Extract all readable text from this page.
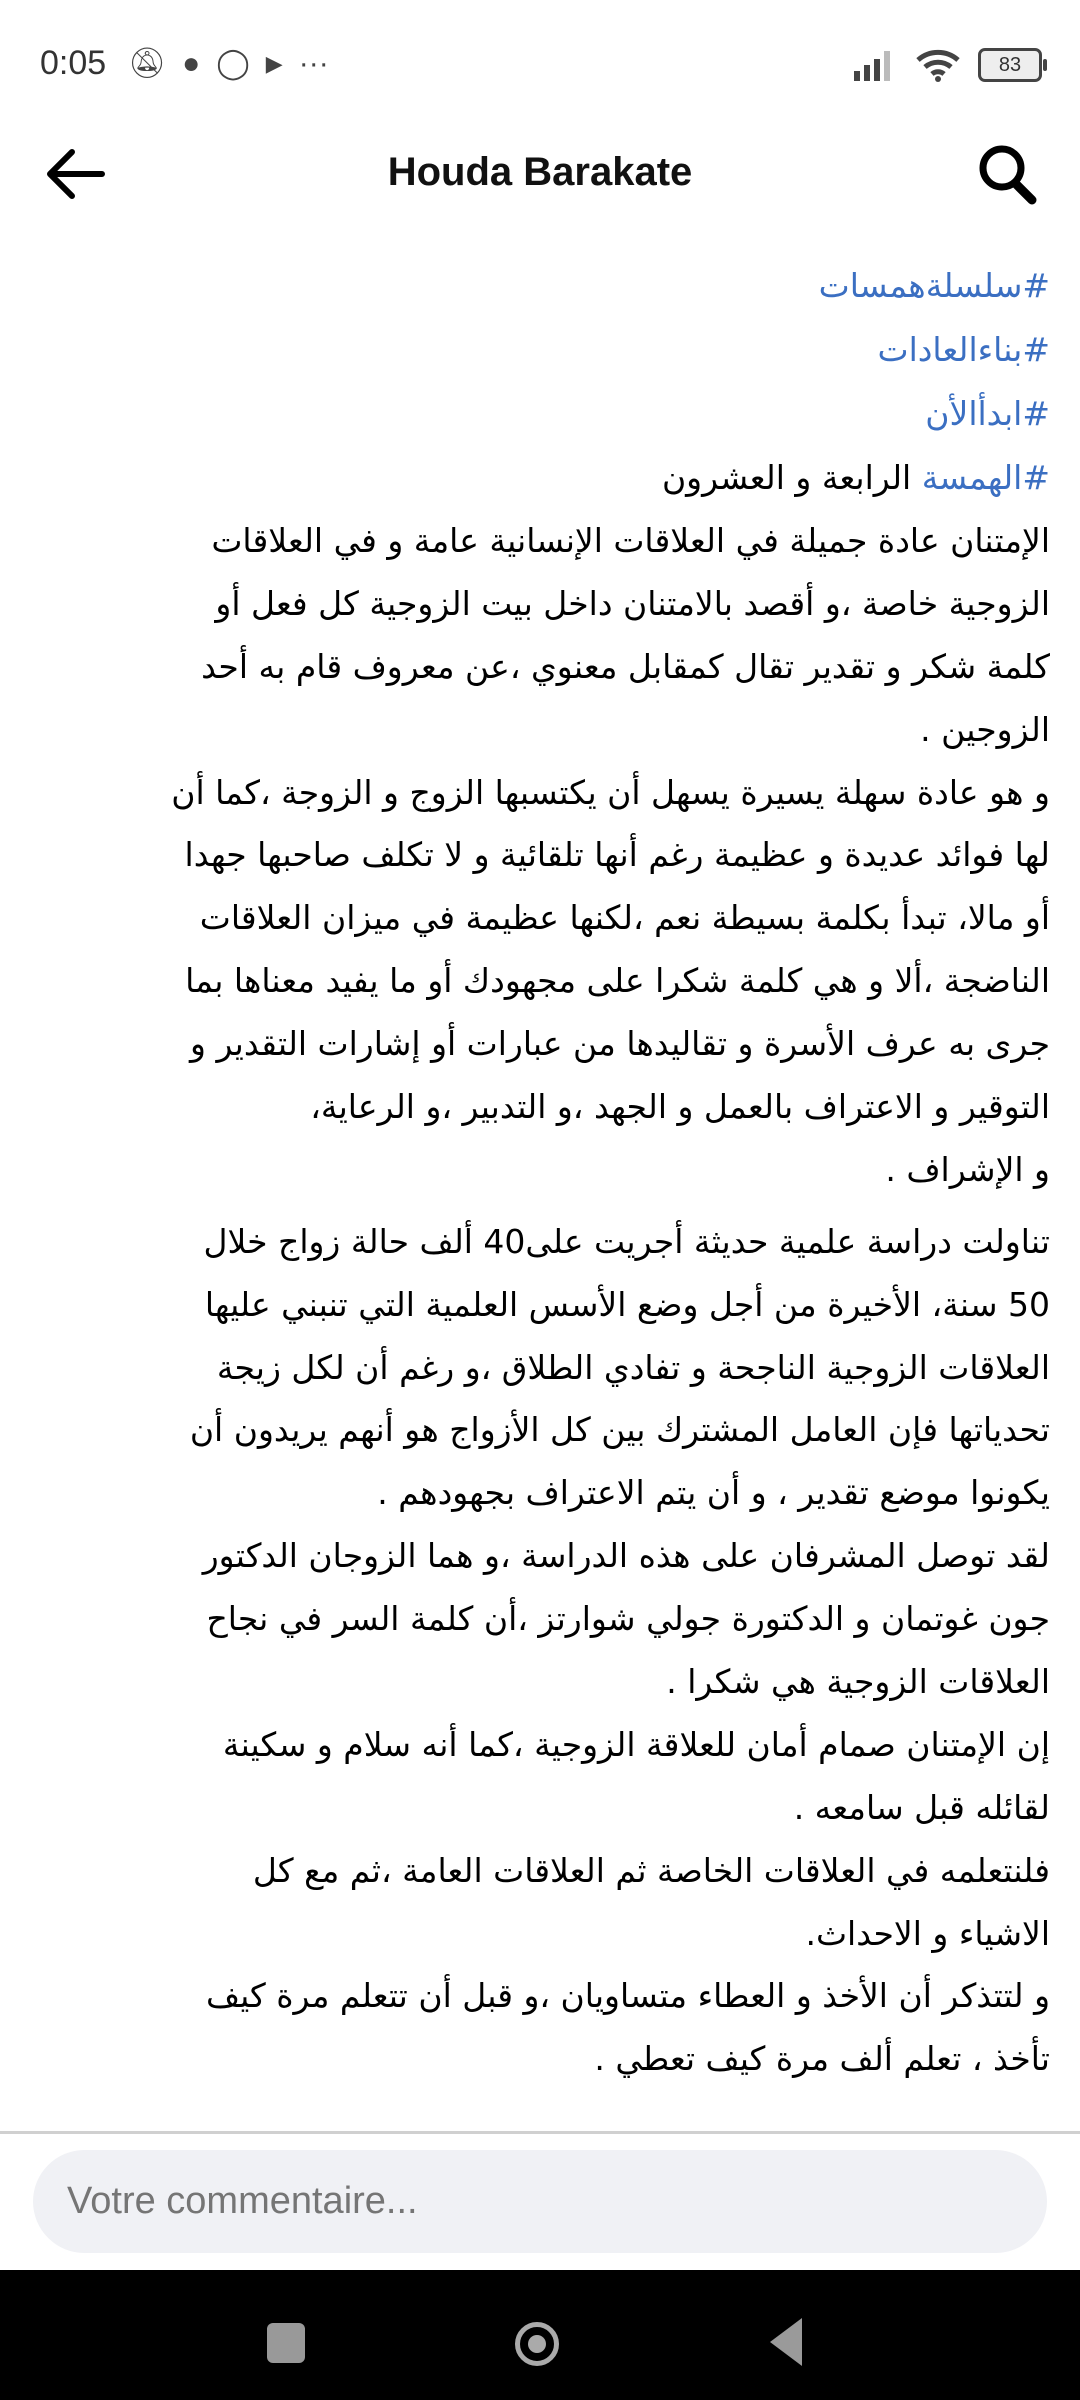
0:05 🔕︎ ● ◯ ▶ ···	83
Houda Barakate
#سلسلةهمسات
#بناءالعادات
#ابدأالأن
#الهمسة الرابعة و العشرون
الإمتنان عادة جميلة في العلاقات الإنسانية عامة و في العلاقات
الزوجية خاصة ،و أقصد بالامتنان داخل بيت الزوجية كل فعل أو
كلمة شكر و تقدير تقال كمقابل معنوي ،عن معروف قام به أحد
الزوجين .
و هو عادة سهلة يسيرة يسهل أن يكتسبها الزوج و الزوجة ،كما أن
لها فوائد عديدة و عظيمة رغم أنها تلقائية و لا تكلف صاحبها جهدا
أو مالا، تبدأ بكلمة بسيطة نعم ،لكنها عظيمة في ميزان العلاقات
الناضجة ،ألا و هي كلمة شكرا على مجهودك أو ما يفيد معناها بما
جرى به عرف الأسرة و تقاليدها من عبارات أو إشارات التقدير و
التوقير و الاعتراف بالعمل و الجهد ،و التدبير ،و الرعاية،
و الإشراف .
تناولت دراسة علمية حديثة أجريت على40 ألف حالة زواج خلال
50 سنة، الأخيرة من أجل وضع الأسس العلمية التي تنبني عليها
العلاقات الزوجية الناجحة و تفادي الطلاق ،و رغم أن لكل زيجة
تحدياتها فإن العامل المشترك بين كل الأزواج هو أنهم يريدون أن
يكونوا موضع تقدير ، و أن يتم الاعتراف بجهودهم .
لقد توصل المشرفان على هذه الدراسة ،و هما الزوجان الدكتور
جون غوتمان و الدكتورة جولي شوارتز ،أن كلمة السر في نجاح
العلاقات الزوجية هي شكرا .
إن الإمتنان صمام أمان للعلاقة الزوجية ،كما أنه سلام و سكينة
لقائله قبل سامعه .
فلنتعلمه في العلاقات الخاصة ثم العلاقات العامة ،ثم مع كل
الاشياء و الاحداث.
و لتتذكر أن الأخذ و العطاء متساويان ،و قبل أن تتعلم مرة كيف
تأخذ ، تعلم ألف مرة كيف تعطي .
Votre commentaire...
